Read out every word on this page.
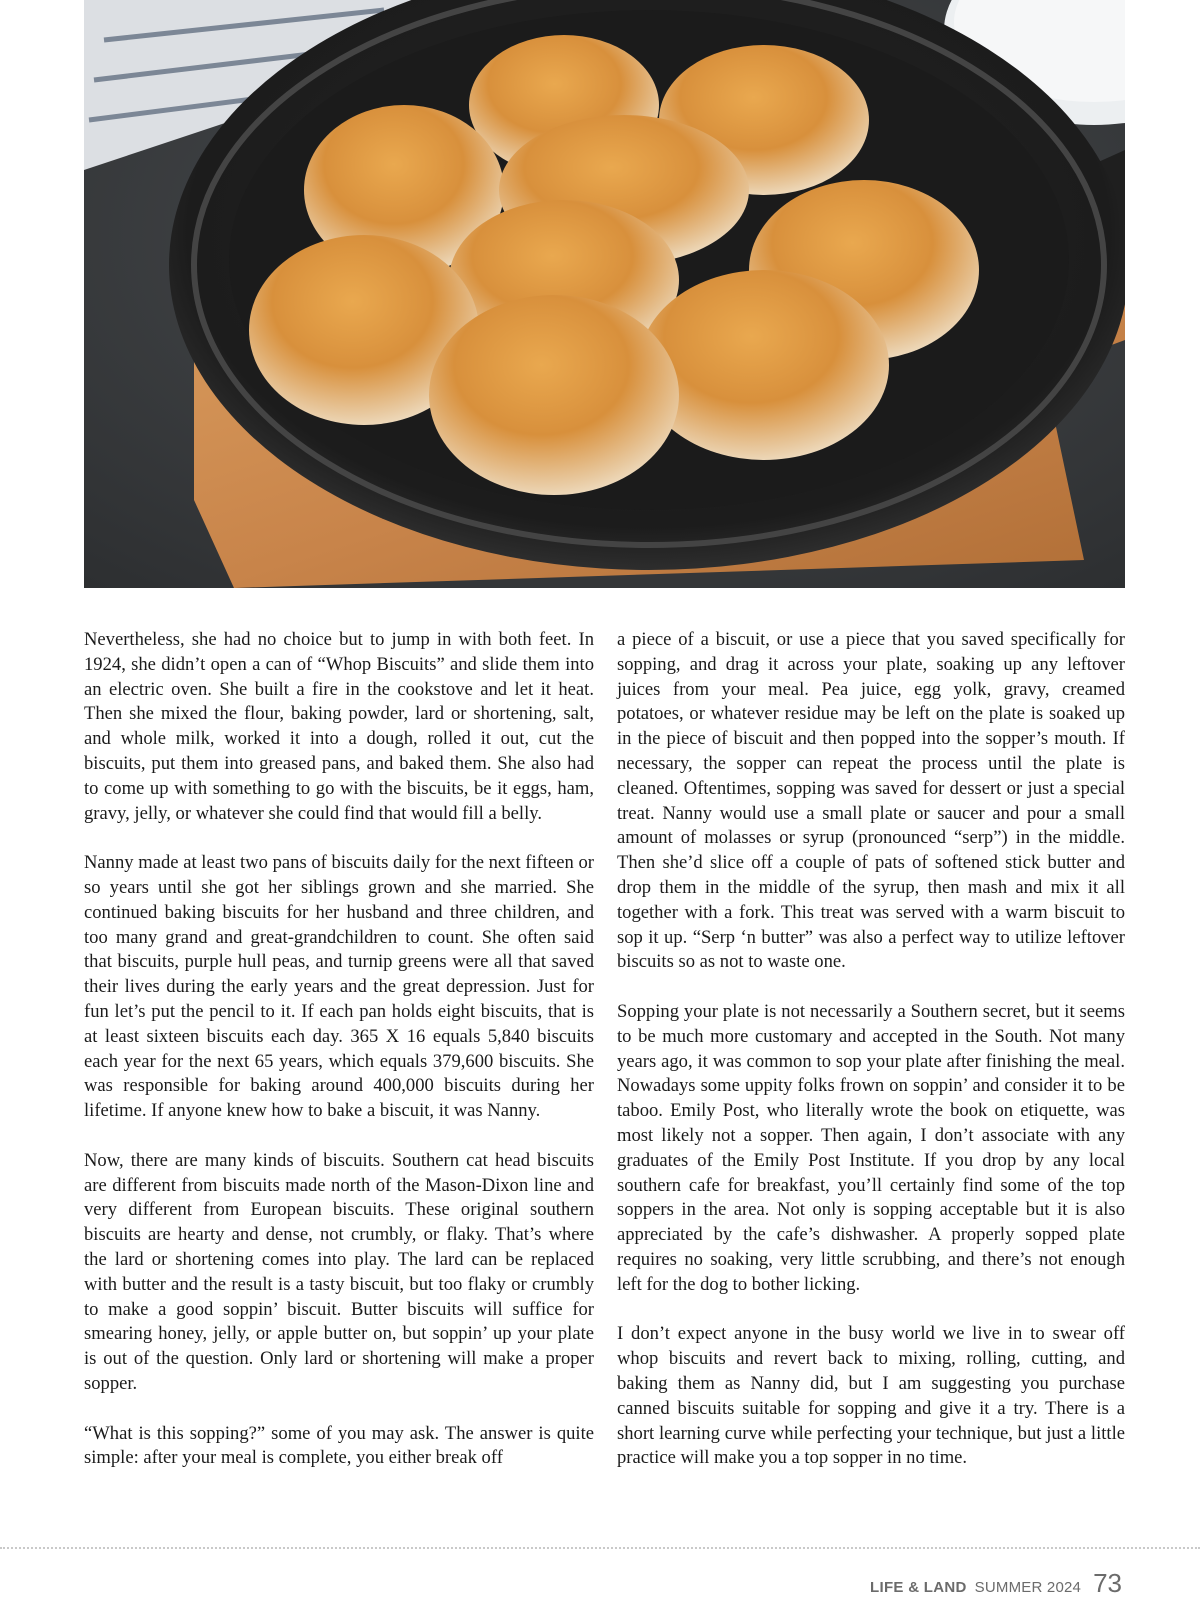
Nevertheless, she had no choice but to jump in with both feet. In 1924, she didn’t open a can of “Whop Biscuits” and slide them into an electric oven. She built a fire in the cookstove and let it heat. Then she mixed the flour, baking powder, lard or shortening, salt, and whole milk, worked it into a dough, rolled it out, cut the biscuits, put them into greased pans, and baked them. She also had to come up with something to go with the biscuits, be it eggs, ham, gravy, jelly, or whatever she could find that would fill a belly.

Nanny made at least two pans of biscuits daily for the next fifteen or so years until she got her siblings grown and she married. She continued baking biscuits for her husband and three children, and too many grand and great-grandchildren to count. She often said that biscuits, purple hull peas, and turnip greens were all that saved their lives during the early years and the great depression. Just for fun let’s put the pencil to it. If each pan holds eight biscuits, that is at least sixteen biscuits each day. 365 X 16 equals 5,840 biscuits each year for the next 65 years, which equals 379,600 biscuits. She was responsible for baking around 400,000 biscuits during her lifetime. If anyone knew how to bake a biscuit, it was Nanny.

Now, there are many kinds of biscuits. Southern cat head biscuits are different from biscuits made north of the Mason-Dixon line and very different from European biscuits. These original southern biscuits are hearty and dense, not crumbly, or flaky. That’s where the lard or shortening comes into play. The lard can be replaced with butter and the result is a tasty biscuit, but too flaky or crumbly to make a good soppin’ biscuit. Butter biscuits will suffice for smearing honey, jelly, or apple butter on, but soppin’ up your plate is out of the question. Only lard or shortening will make a proper sopper.

“What is this sopping?” some of you may ask. The answer is quite simple: after your meal is complete, you either break off

a piece of a biscuit, or use a piece that you saved specifically for sopping, and drag it across your plate, soaking up any leftover juices from your meal. Pea juice, egg yolk, gravy, creamed potatoes, or whatever residue may be left on the plate is soaked up in the piece of biscuit and then popped into the sopper’s mouth. If necessary, the sopper can repeat the process until the plate is cleaned. Oftentimes, sopping was saved for dessert or just a special treat. Nanny would use a small plate or saucer and pour a small amount of molasses or syrup (pronounced “serp”) in the middle. Then she’d slice off a couple of pats of softened stick butter and drop them in the middle of the syrup, then mash and mix it all together with a fork. This treat was served with a warm biscuit to sop it up. “Serp ‘n butter” was also a perfect way to utilize leftover biscuits so as not to waste one.

Sopping your plate is not necessarily a Southern secret, but it seems to be much more customary and accepted in the South. Not many years ago, it was common to sop your plate after finishing the meal. Nowadays some uppity folks frown on soppin’ and consider it to be taboo. Emily Post, who literally wrote the book on etiquette, was most likely not a sopper. Then again, I don’t associate with any graduates of the Emily Post Institute. If you drop by any local southern cafe for breakfast, you’ll certainly find some of the top soppers in the area. Not only is sopping acceptable but it is also appreciated by the cafe’s dishwasher. A properly sopped plate requires no soaking, very little scrubbing, and there’s not enough left for the dog to bother licking.

I don’t expect anyone in the busy world we live in to swear off whop biscuits and revert back to mixing, rolling, cutting, and baking them as Nanny did, but I am suggesting you purchase canned biscuits suitable for sopping and give it a try. There is a short learning curve while perfecting your technique, but just a little practice will make you a top sopper in no time.

LIFE & LAND SUMMER 2024 73
